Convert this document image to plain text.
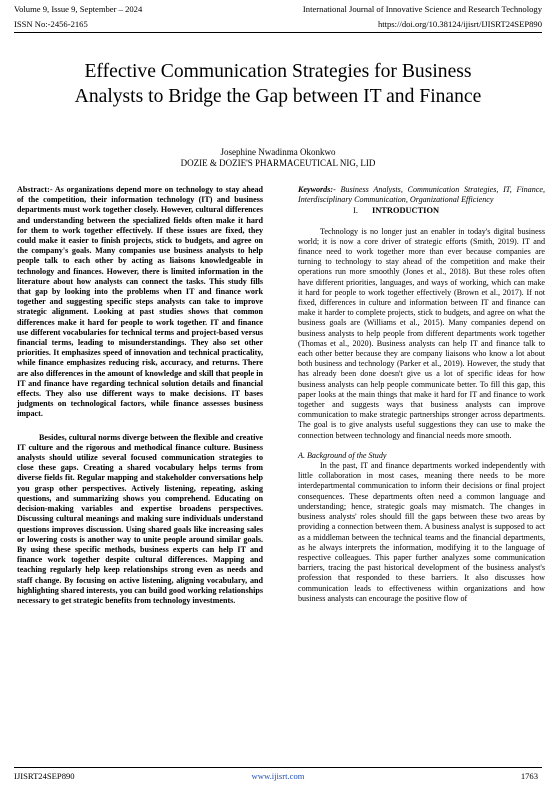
Volume 9, Issue 9, September – 2024	International Journal of Innovative Science and Research Technology
ISSN No:-2456-2165	https://doi.org/10.38124/ijisrt/IJISRT24SEP890
Effective Communication Strategies for Business
Analysts to Bridge the Gap between IT and Finance
Josephine Nwadinma Okonkwo
DOZIE & DOZIE'S PHARMACEUTICAL NIG, LID

Abstract:- As organizations depend more on technology to stay ahead of the competition, their information technology (IT) and business departments must work together closely. However, cultural differences and understanding between the specialized fields often make it hard for them to work together effectively. If these issues are fixed, they could make it easier to finish projects, stick to budgets, and agree on the company's goals. Many companies use business analysts to help people talk to each other by acting as liaisons knowledgeable in technology and finances. However, there is limited information in the literature about how analysts can connect the tasks. This study fills that gap by looking into the problems when IT and finance work together and suggesting specific steps analysts can take to improve strategic alignment. Looking at past studies shows that common differences make it hard for people to work together. IT and finance use different vocabularies for technical terms and project-based versus financial terms, leading to misunderstandings. They also set other priorities. It emphasizes speed of innovation and technical practicality, while finance emphasizes reducing risk, accuracy, and returns. There are also differences in the amount of knowledge and skill that people in IT and finance have regarding technical solution details and financial effects. They also use different ways to make decisions. IT bases judgments on technological factors, while finance assesses business impact.

Besides, cultural norms diverge between the flexible and creative IT culture and the rigorous and methodical finance culture. Business analysts should utilize several focused communication strategies to close these gaps. Creating a shared vocabulary helps terms from diverse fields fit. Regular mapping and stakeholder conversations help you grasp other perspectives. Actively listening, repeating, asking questions, and summarizing shows you comprehend. Educating on decision-making variables and expertise broadens perspectives. Discussing cultural meanings and making sure individuals understand questions improves discussion. Using shared goals like increasing sales or lowering costs is another way to unite people around similar goals. By using these specific methods, business experts can help IT and finance work together despite cultural differences. Mapping and teaching regularly help keep relationships strong even as needs and staff change. By focusing on active listening, aligning vocabulary, and highlighting shared interests, you can build good working relationships necessary to get strategic benefits from technology investments.

Keywords:- Business Analysts, Communication Strategies, IT, Finance, Interdisciplinary Communication, Organizational Efficiency

I. INTRODUCTION

Technology is no longer just an enabler in today's digital business world; it is now a core driver of strategic efforts (Smith, 2019). IT and finance need to work together more than ever because companies are turning to technology to stay ahead of the competition and make their operations run more smoothly (Jones et al., 2018). But these roles often have different priorities, languages, and ways of working, which can make it hard for people to work together effectively (Brown et al., 2017). If not fixed, differences in culture and information between IT and finance can make it harder to complete projects, stick to budgets, and agree on what the business goals are (Williams et al., 2015). Many companies depend on business analysts to help people from different departments work together (Thomas et al., 2020). Business analysts can help IT and finance talk to each other better because they are company liaisons who know a lot about both business and technology (Parker et al., 2019). However, the study that has already been done doesn't give us a lot of specific ideas for how business analysts can help people communicate better. To fill this gap, this paper looks at the main things that make it hard for IT and finance to work together and suggests ways that business analysts can improve communication to make strategic partnerships stronger across departments. The goal is to give analysts useful suggestions they can use to make the connection between technology and financial needs more smooth.

A. Background of the Study

In the past, IT and finance departments worked independently with little collaboration in most cases, meaning there needs to be more interdepartmental communication to inform their decisions or final project consequences. These departments often need a common language and understanding; hence, strategic goals may mismatch. The changes in business analysts' roles should fill the gaps between these two areas by providing a connection between them. A business analyst is supposed to act as a middleman between the technical teams and the financial departments, as he always interprets the information, modifying it to the language of respective colleagues. This paper further analyzes some communication barriers, tracing the past historical development of the business analyst's profession that responded to these barriers. It also discusses how communication leads to effectiveness within organizations and how business analysts can encourage the positive flow of

IJISRT24SEP890	www.ijisrt.com	1763
